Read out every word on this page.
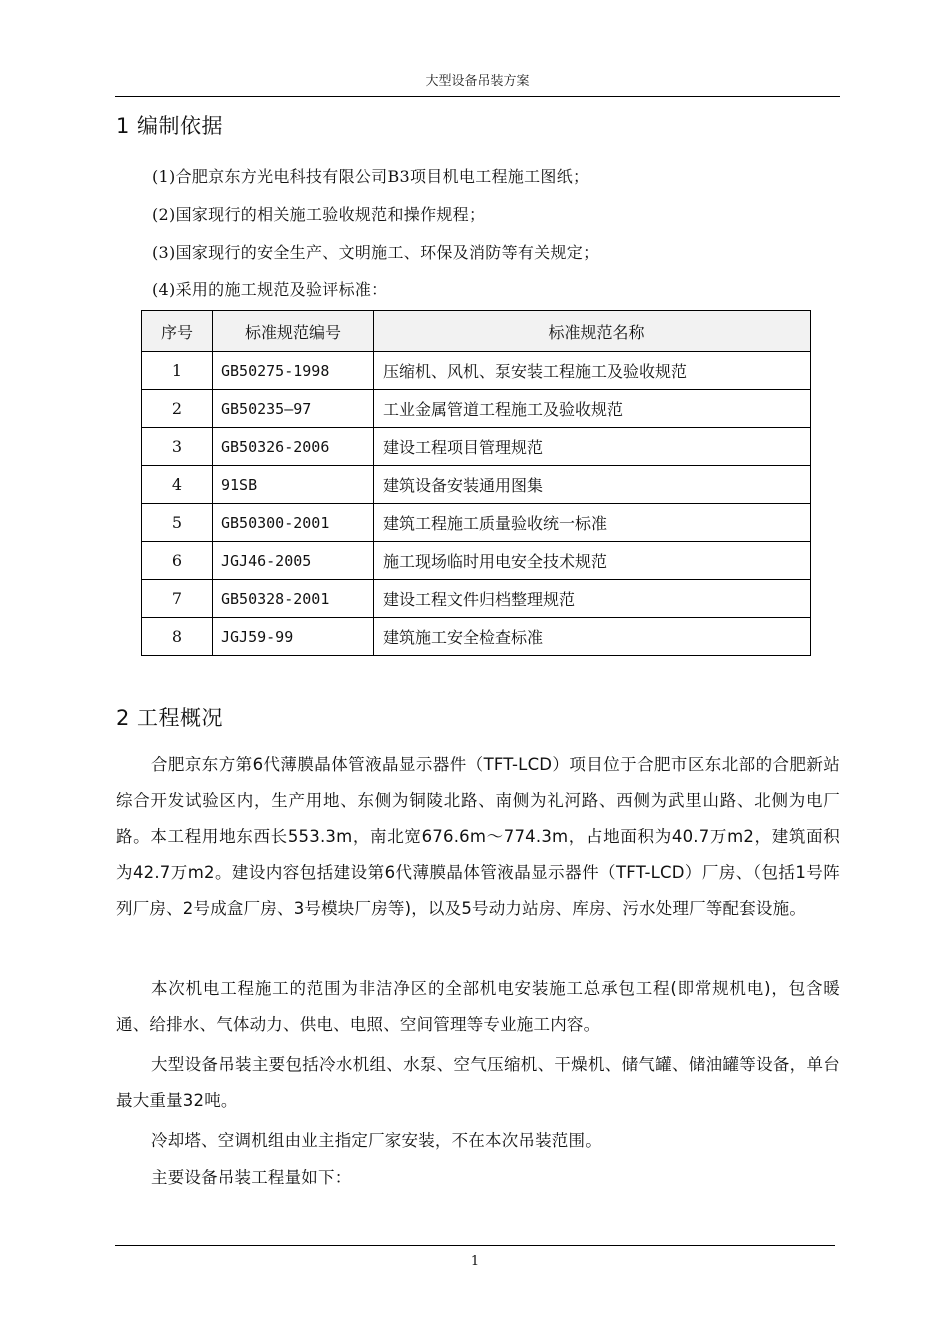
大型设备吊装方案
1 编制依据
(1)合肥京东方光电科技有限公司B3项目机电工程施工图纸；
(2)国家现行的相关施工验收规范和操作规程；
(3)国家现行的安全生产、文明施工、环保及消防等有关规定；
(4)采用的施工规范及验评标准：
序号	标准规范编号	标准规范名称
1	GB50275-1998	压缩机、风机、泵安装工程施工及验收规范
2	GB50235—97	工业金属管道工程施工及验收规范
3	GB50326-2006	建设工程项目管理规范
4	91SB	建筑设备安装通用图集
5	GB50300-2001	建筑工程施工质量验收统一标准
6	JGJ46-2005	施工现场临时用电安全技术规范
7	GB50328-2001	建设工程文件归档整理规范
8	JGJ59-99	建筑施工安全检查标准
2 工程概况

合肥京东方第6代薄膜晶体管液晶显示器件（TFT-LCD）项目位于合肥市区东北部的合肥新站综合开发试验区内，生产用地、东侧为铜陵北路、南侧为礼河路、西侧为武里山路、北侧为电厂路。本工程用地东西长553.3m，南北宽676.6m～774.3m，占地面积为40.7万m2，建筑面积为42.7万m2。建设内容包括建设第6代薄膜晶体管液晶显示器件（TFT-LCD）厂房、（包括1号阵列厂房、2号成盒厂房、3号模块厂房等)，以及5号动力站房、库房、污水处理厂等配套设施。

本次机电工程施工的范围为非洁净区的全部机电安装施工总承包工程(即常规机电)，包含暖通、给排水、气体动力、供电、电照、空间管理等专业施工内容。

大型设备吊装主要包括冷水机组、水泵、空气压缩机、干燥机、储气罐、储油罐等设备，单台最大重量32吨。

冷却塔、空调机组由业主指定厂家安装，不在本次吊装范围。

主要设备吊装工程量如下：

1
